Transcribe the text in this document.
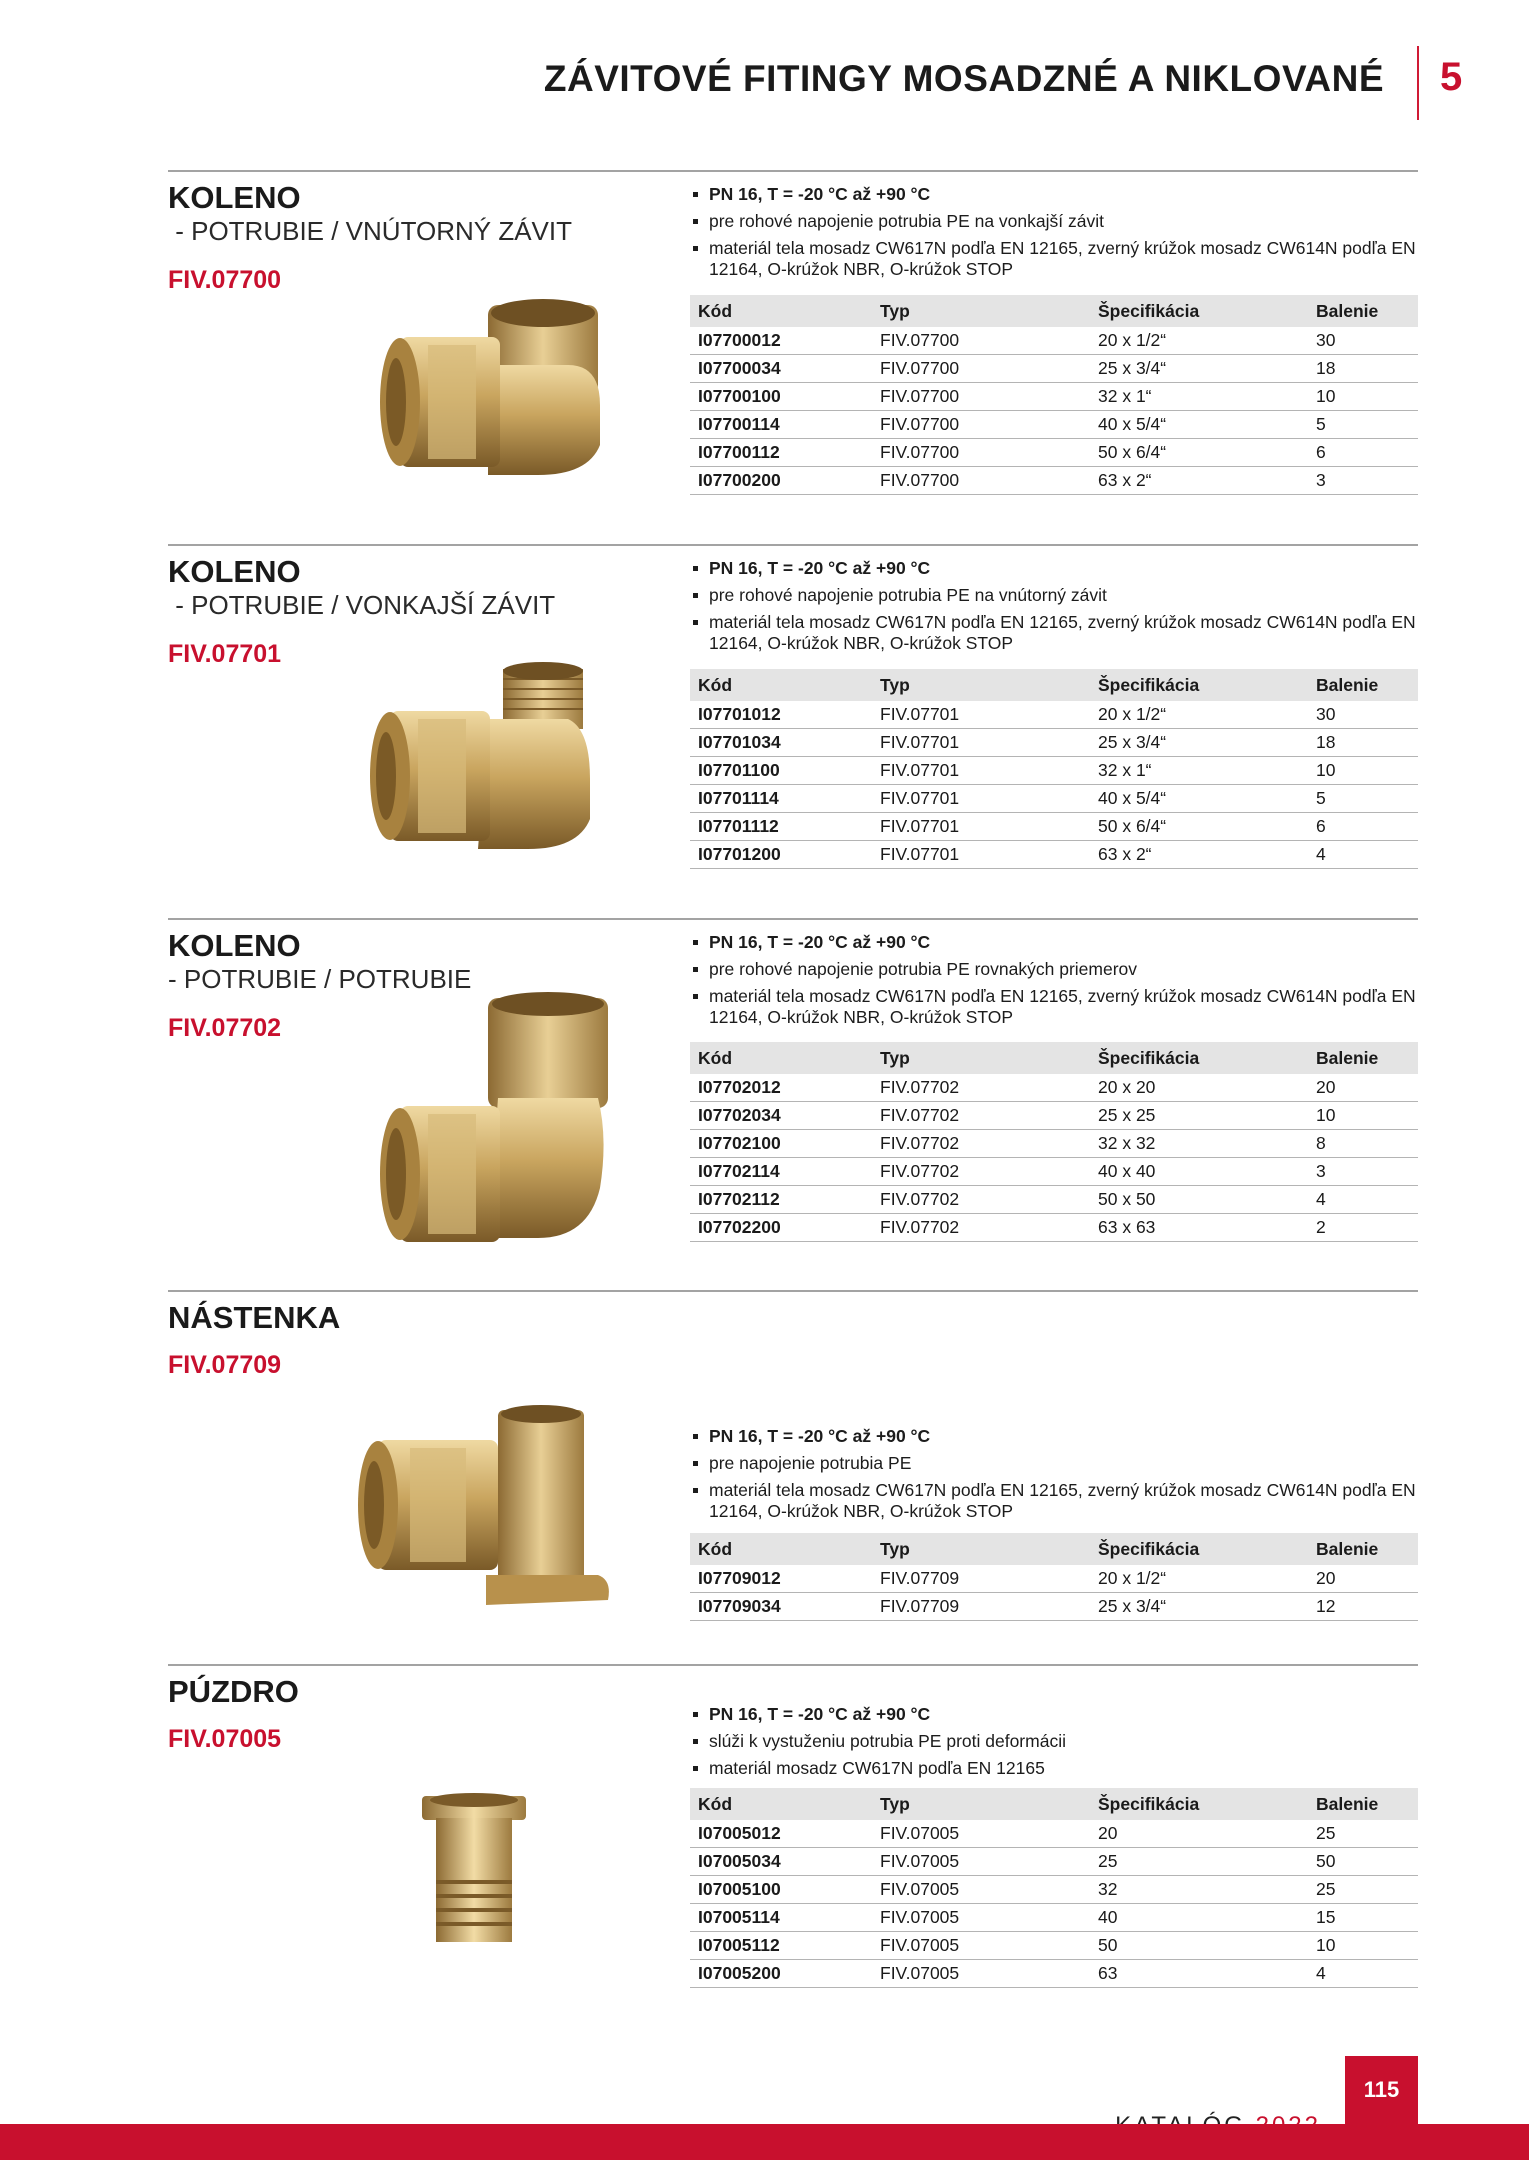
ZÁVITOVÉ FITINGY MOSADZNÉ A NIKLOVANÉ 5
KOLENO
- POTRUBIE / VNÚTORNÝ ZÁVIT
FIV.07700
PN 16, T = -20 °C až +90 °C
pre rohové napojenie potrubia PE na vonkajší závit
materiál tela mosadz CW617N podľa EN 12165, zverný krúžok mosadz CW614N podľa EN 12164, O-krúžok NBR, O-krúžok STOP
Kód	Typ	Špecifikácia	Balenie
I07700012	FIV.07700	20 x 1/2“	30
I07700034	FIV.07700	25 x 3/4“	18
I07700100	FIV.07700	32 x 1“	10
I07700114	FIV.07700	40 x 5/4“	5
I07700112	FIV.07700	50 x 6/4“	6
I07700200	FIV.07700	63 x 2“	3
KOLENO
- POTRUBIE / VONKAJŠÍ ZÁVIT
FIV.07701
PN 16, T = -20 °C až +90 °C
pre rohové napojenie potrubia PE na vnútorný závit
materiál tela mosadz CW617N podľa EN 12165, zverný krúžok mosadz CW614N podľa EN 12164, O-krúžok NBR, O-krúžok STOP
Kód	Typ	Špecifikácia	Balenie
I07701012	FIV.07701	20 x 1/2“	30
I07701034	FIV.07701	25 x 3/4“	18
I07701100	FIV.07701	32 x 1“	10
I07701114	FIV.07701	40 x 5/4“	5
I07701112	FIV.07701	50 x 6/4“	6
I07701200	FIV.07701	63 x 2“	4
KOLENO
- POTRUBIE / POTRUBIE
FIV.07702
PN 16, T = -20 °C až +90 °C
pre rohové napojenie potrubia PE rovnakých priemerov
materiál tela mosadz CW617N podľa EN 12165, zverný krúžok mosadz CW614N podľa EN 12164, O-krúžok NBR, O-krúžok STOP
Kód	Typ	Špecifikácia	Balenie
I07702012	FIV.07702	20 x 20	20
I07702034	FIV.07702	25 x 25	10
I07702100	FIV.07702	32 x 32	8
I07702114	FIV.07702	40 x 40	3
I07702112	FIV.07702	50 x 50	4
I07702200	FIV.07702	63 x 63	2
NÁSTENKA
FIV.07709
PN 16, T = -20 °C až +90 °C
pre napojenie potrubia PE
materiál tela mosadz CW617N podľa EN 12165, zverný krúžok mosadz CW614N podľa EN 12164, O-krúžok NBR, O-krúžok STOP
Kód	Typ	Špecifikácia	Balenie
I07709012	FIV.07709	20 x 1/2“	20
I07709034	FIV.07709	25 x 3/4“	12
PÚZDRO
FIV.07005
PN 16, T = -20 °C až +90 °C
slúži k vystuženiu potrubia PE proti deformácii
materiál mosadz CW617N podľa EN 12165
Kód	Typ	Špecifikácia	Balenie
I07005012	FIV.07005	20	25
I07005034	FIV.07005	25	50
I07005100	FIV.07005	32	25
I07005114	FIV.07005	40	15
I07005112	FIV.07005	50	10
I07005200	FIV.07005	63	4
115
